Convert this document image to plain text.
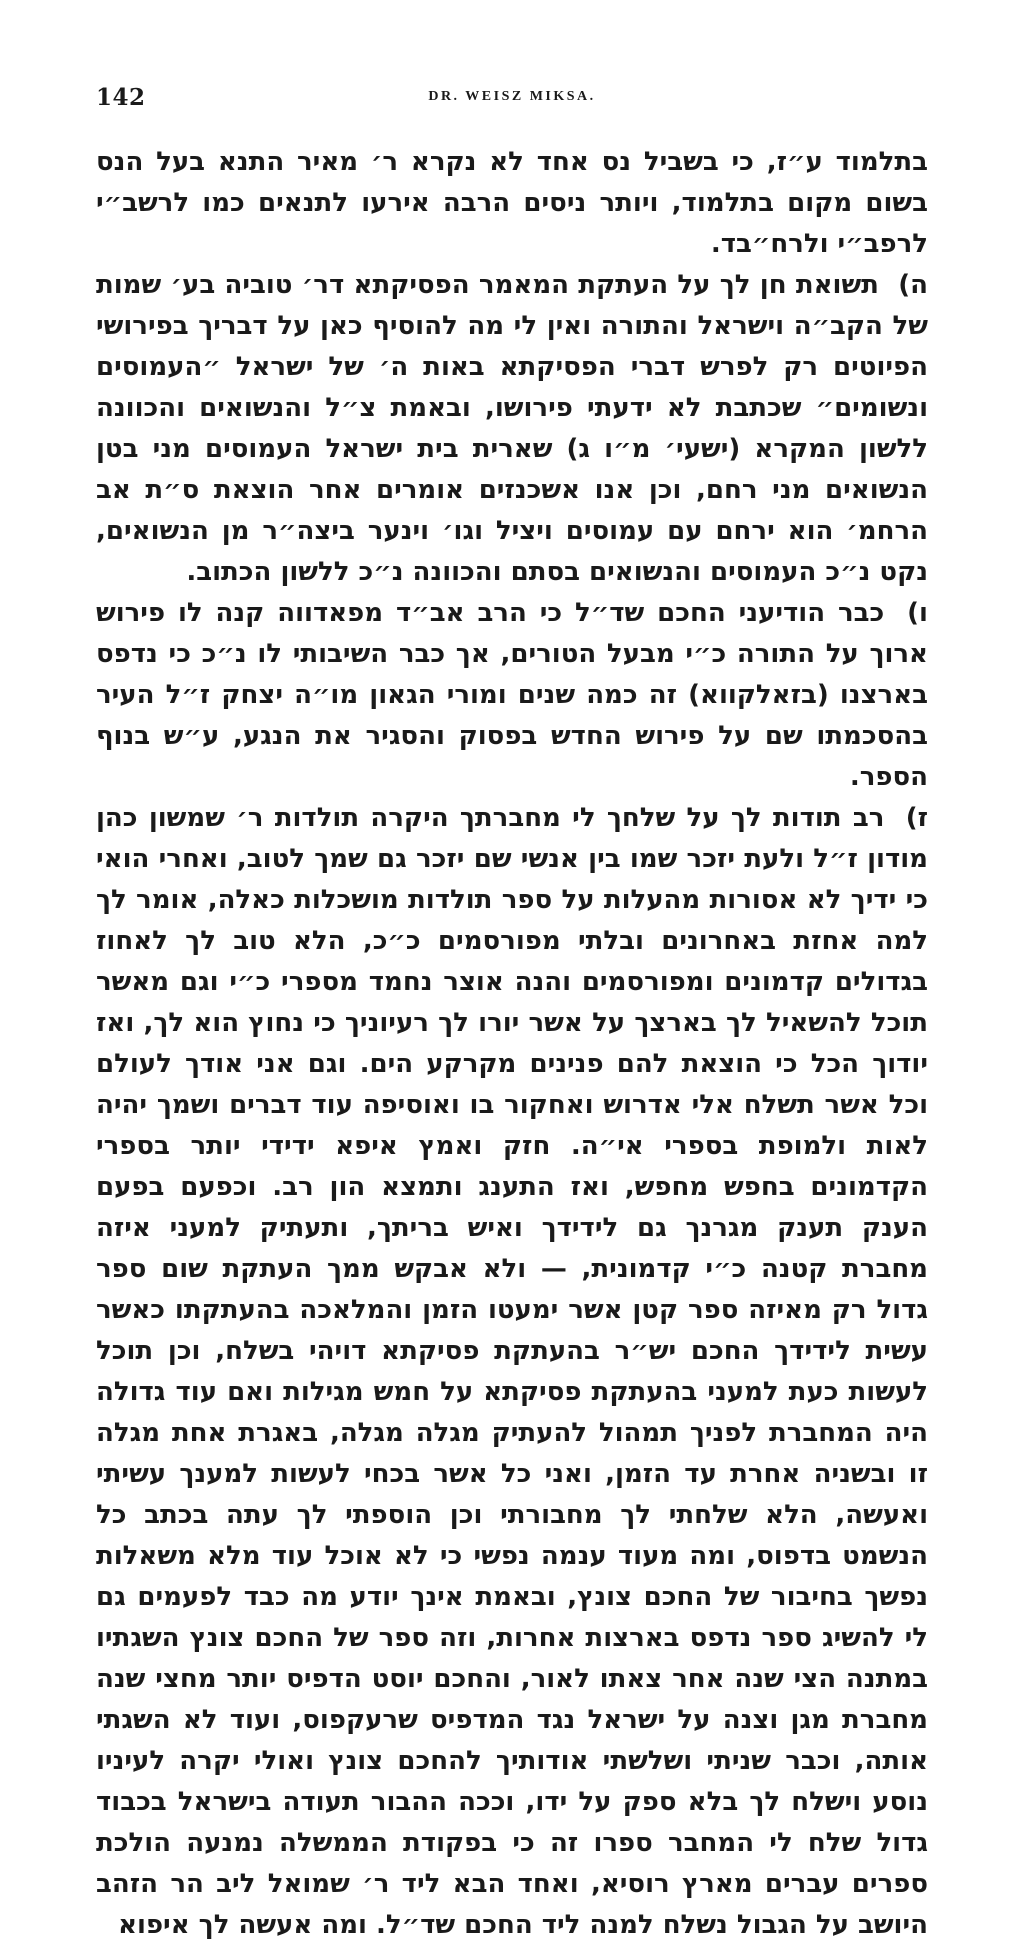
142	DR. WEISZ MIKSA.

בתלמוד ע״ז, כי בשביל נס אחד לא נקרא ר׳ מאיר התנא בעל הנס בשום מקום בתלמוד, ויותר ניסים הרבה אירעו לתנאים כמו לרשב״י לרפב״י ולרח״בד.

ה) תשואת חן לך על העתקת המאמר הפסיקתא דר׳ טוביה בע׳ שמות של הקב״ה וישראל והתורה ואין לי מה להוסיף כאן על דבריך בפירושי הפיוטים רק לפרש דברי הפסיקתא באות ה׳ של ישראל ״העמוסים ונשומים״ שכתבת לא ידעתי פירושו, ובאמת צ״ל והנשואים והכוונה ללשון המקרא (ישעי׳ מ״ו ג) שארית בית ישראל העמוסים מני בטן הנשואים מני רחם, וכן אנו אשכנזים אומרים אחר הוצאת ס״ת אב הרחמ׳ הוא ירחם עם עמוסים ויציל וגו׳ וינער ביצה״ר מן הנשואים, נקט נ״כ העמוסים והנשואים בסתם והכוונה נ״כ ללשון הכתוב.

ו) כבר הודיעני החכם שד״ל כי הרב אב״ד מפאדווה קנה לו פירוש ארוך על התורה כ״י מבעל הטורים, אך כבר השיבותי לו נ״כ כי נדפס בארצנו (בזאלקווא) זה כמה שנים ומורי הגאון מו״ה יצחק ז״ל העיר בהסכמתו שם על פירוש החדש בפסוק והסגיר את הנגע, ע״ש בנוף הספר.

ז) רב תודות לך על שלחך לי מחברתך היקרה תולדות ר׳ שמשון כהן מודון ז״ל ולעת יזכר שמו בין אנשי שם יזכר גם שמך לטוב, ואחרי הואי כי ידיך לא אסורות מהעלות על ספר תולדות מושכלות כאלה, אומר לך למה אחזת באחרונים ובלתי מפורסמים כ״כ, הלא טוב לך לאחוז בגדולים קדמונים ומפורסמים והנה אוצר נחמד מספרי כ״י וגם מאשר תוכל להשאיל לך בארצך על אשר יורו לך רעיוניך כי נחוץ הוא לך, ואז יודוך הכל כי הוצאת להם פנינים מקרקע הים. וגם אני אודך לעולם וכל אשר תשלח אלי אדרוש ואחקור בו ואוסיפה עוד דברים ושמך יהיה לאות ולמופת בספרי אי״ה. חזק ואמץ איפא ידידי יותר בספרי הקדמונים בחפש מחפש, ואז התענג ותמצא הון רב. וכפעם בפעם הענק תענק מגרנך גם לידידך ואיש בריתך, ותעתיק למעני איזה מחברת קטנה כ״י קדמונית, — ולא אבקש ממך העתקת שום ספר גדול רק מאיזה ספר קטן אשר ימעטו הזמן והמלאכה בהעתקתו כאשר עשית לידידך החכם יש״ר בהעתקת פסיקתא דויהי בשלח, וכן תוכל לעשות כעת למעני בהעתקת פסיקתא על חמש מגילות ואם עוד גדולה היה המחברת לפניך תמהול להעתיק מגלה מגלה, באגרת אחת מגלה זו ובשניה אחרת עד הזמן, ואני כל אשר בכחי לעשות למענך עשיתי ואעשה, הלא שלחתי לך מחבורתי וכן הוספתי לך עתה בכתב כל הנשמט בדפוס, ומה מעוד ענמה נפשי כי לא אוכל עוד מלא משאלות נפשך בחיבור של החכם צונץ, ובאמת אינך יודע מה כבד לפעמים גם לי להשיג ספר נדפס בארצות אחרות, וזה ספר של החכם צונץ השגתיו במתנה הצי שנה אחר צאתו לאור, והחכם יוסט הדפיס יותר מחצי שנה מחברת מגן וצנה על ישראל נגד המדפיס שרעקפוס, ועוד לא השגתי אותה, וכבר שניתי ושלשתי אודותיך להחכם צונץ ואולי יקרה לעיניו נוסע וישלח לך בלא ספק על ידו, וככה ההבור תעודה בישראל בכבוד גדול שלח לי המחבר ספרו זה כי בפקודת הממשלה נמנעה הולכת ספרים עברים מארץ רוסיא, ואחד הבא ליד ר׳ שמואל ליב הר הזהב היושב על הגבול נשלח למנה ליד החכם שד״ל. ומה אעשה לך איפוא
